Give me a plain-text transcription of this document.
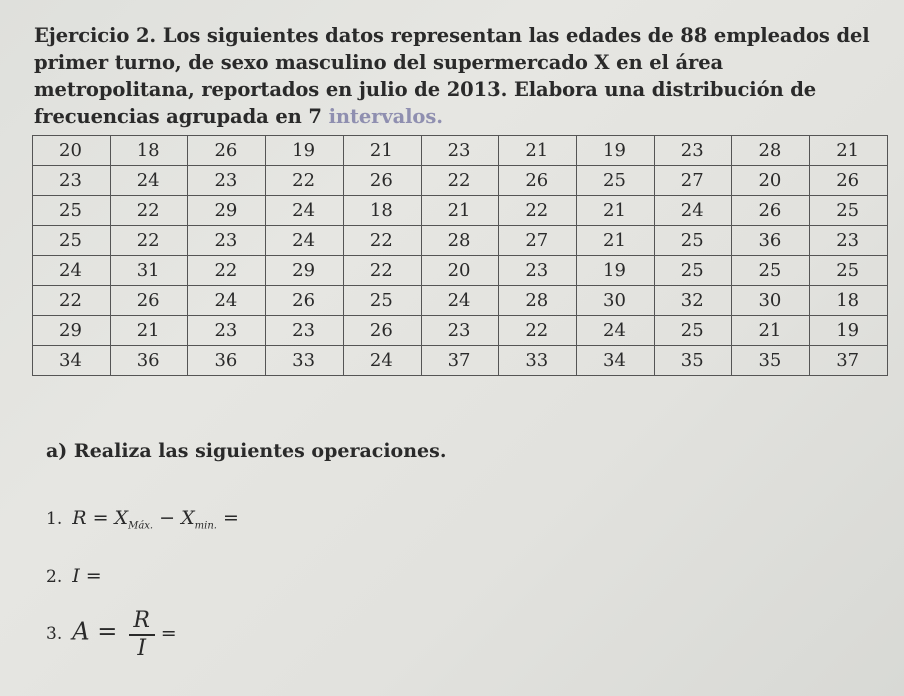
Ejercicio 2. Los siguientes datos representan las edades de 88 empleados del primer turno, de sexo masculino del supermercado X en el área metropolitana, reportados en julio de 2013. Elabora una distribución de frecuencias agrupada en 7 intervalos.
20	18	26	19	21	23	21	19	23	28	21
23	24	23	22	26	22	26	25	27	20	26
25	22	29	24	18	21	22	21	24	26	25
25	22	23	24	22	28	27	21	25	36	23
24	31	22	29	22	20	23	19	25	25	25
22	26	24	26	25	24	28	30	32	30	18
29	21	23	23	26	23	22	24	25	21	19
34	36	36	33	24	37	33	34	35	35	37
a) Realiza las siguientes operaciones.
1. $R = X_{Máx.} - X_{min.}$ =
2. I =
3. $A = \frac{R}{I}$ =
